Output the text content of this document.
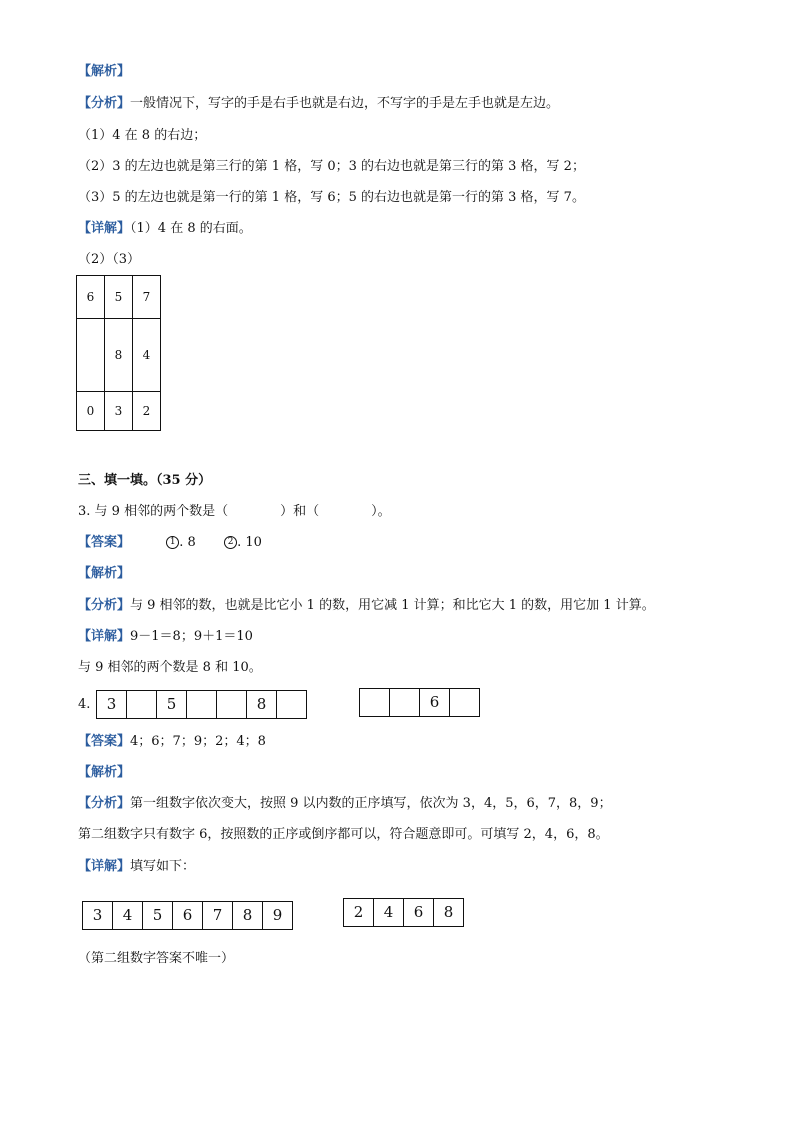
【解析】
【分析】一般情况下，写字的手是右手也就是右边，不写字的手是左手也就是左边。
（1）4 在 8 的右边；
（2）3 的左边也就是第三行的第 1 格，写 0；3 的右边也就是第三行的第 3 格，写 2；
（3）5 的左边也就是第一行的第 1 格，写 6；5 的右边也就是第一行的第 3 格，写 7。
【详解】（1）4 在 8 的右面。
（2）（3）
6	5	7
	8	4
0	3	2
三、填一填。（35 分）
3. 与 9 相邻的两个数是（　　　　）和（　　　　）。
【答案】	1 . 8	2 . 10
【解析】
【分析】与 9 相邻的数，也就是比它小 1 的数，用它减 1 计算；和比它大 1 的数，用它加 1 计算。
【详解】9－1＝8；9＋1＝10
与 9 相邻的两个数是 8 和 10。
4.	3	5	8	6
【答案】4；6；7；9；2；4；8
【解析】
【分析】第一组数字依次变大，按照 9 以内数的正序填写，依次为 3，4，5，6，7，8，9；
第二组数字只有数字 6，按照数的正序或倒序都可以，符合题意即可。可填写 2，4，6，8。
【详解】填写如下：
3	4	5	6	7	8	9	2	4	6	8
（第二组数字答案不唯一）
